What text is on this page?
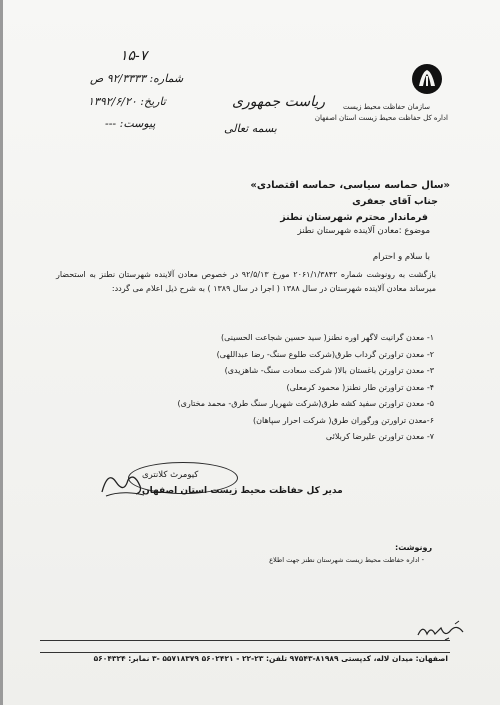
سازمان حفاظت محیط زیست
اداره کل حفاظت محیط زیست استان اصفهان
ریاست جمهوری
بسمه تعالی
۱۵-۷
شماره: ۹۲/۳۳۳۳ ص
تاریخ: ۱۳۹۲/۶/۲۰
پیوست: ---
«سال حماسه سیاسی، حماسه اقتصادی»
جناب آقای جعفری
فرماندار محترم شهرستان نطنز
موضوع :معادن آلاینده شهرستان نطنز
با سلام و احترام
بازگشت به رونوشت شماره ۲۰۶۱/۱/۳۸۴۲ مورخ ۹۲/۵/۱۳ در خصوص معادن آلاینده شهرستان نطنز به استحضار میرساند معادن آلاینده شهرستان در سال ۱۳۸۸ ( اجرا در سال ۱۳۸۹ ) به شرح ذیل اعلام می گردد:
۱- معدن گرانیت لاگهر اوره نطنز( سید حسین شجاعت الحسینی)
۲- معدن تراورتن گرداب طرق(شرکت طلوع سنگ- رضا عبداللهی)
۳- معدن تراورتن باغستان بالا( شرکت سعادت سنگ- شاهزیدی)
۴- معدن تراورتن طار نطنز( محمود کرمعلی)
۵- معدن تراورتن سفید کشه طرق(شرکت شهریار سنگ طرق- محمد مختاری)
۶-معدن تراورتن ورگوران طرق( شرکت احرار سپاهان)
۷- معدن تراورتن علیرضا کربلائی
کیومرث کلانتری
مدیر کل حفاظت محیط زیست استان اصفهان
رونوشت:
- اداره حفاظت محیط زیست شهرستان نطنز جهت اطلاع
اصفهان: میدان لاله، کدپستی ۸۱۹۸۹-۹۷۵۴۳ تلفن: ۲۳-۲۲ - ۵۶۰۲۴۲۱ ۵۵۷۱۸۳۷۹ -۳ نمابر: ۵۶۰۴۳۲۴
